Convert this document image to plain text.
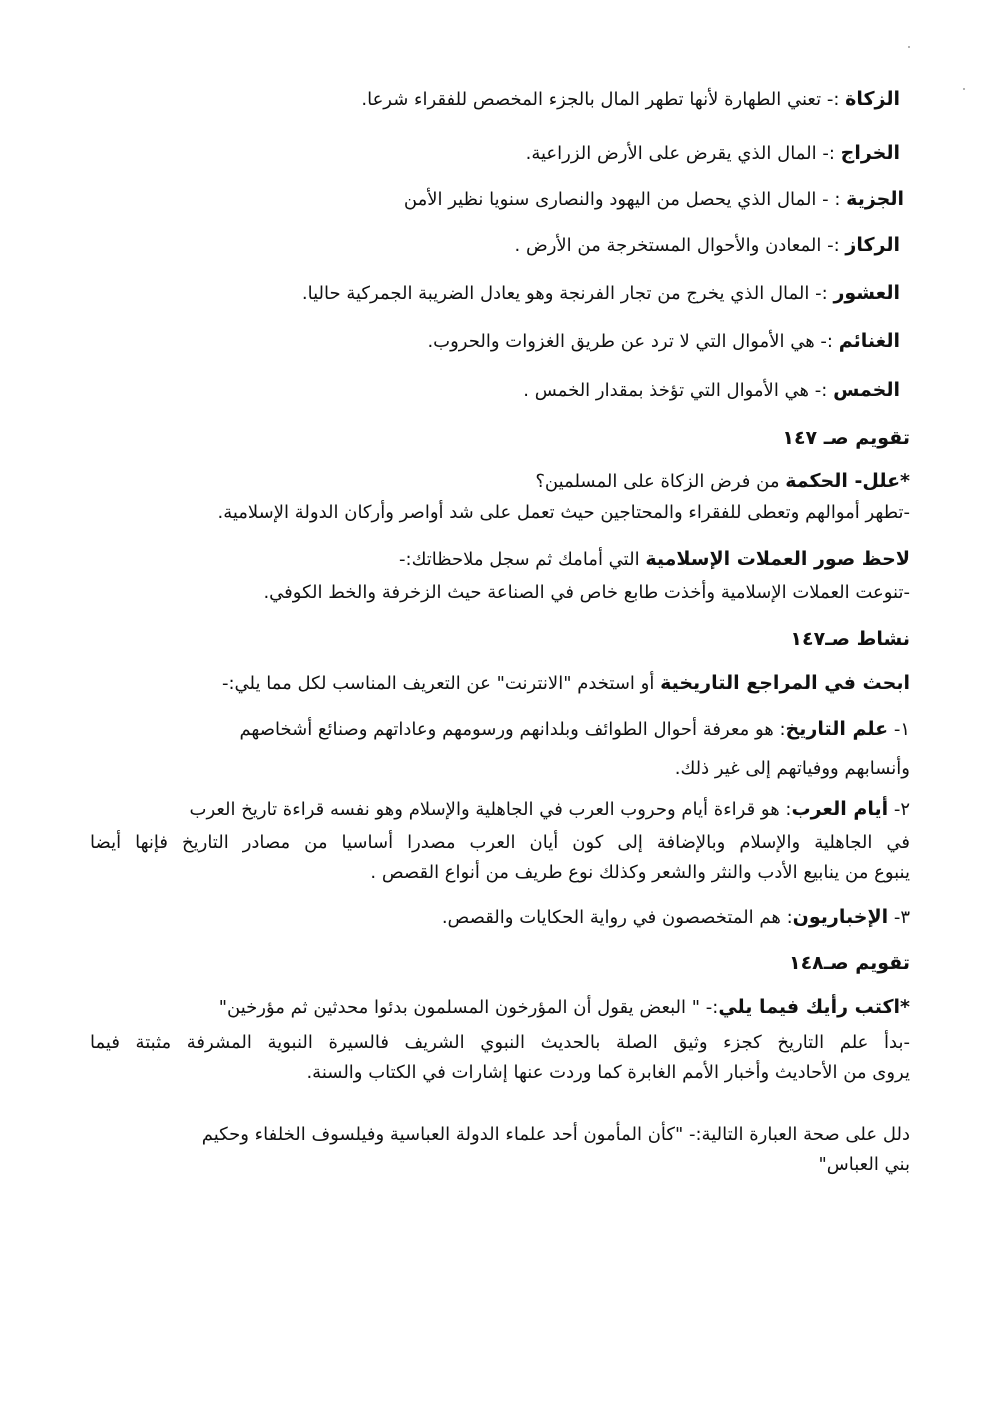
الزكاة :- تعني الطهارة لأنها تطهر المال بالجزء المخصص للفقراء شرعا.
الخراج :- المال الذي يقرض على الأرض الزراعية.
الجزية : - المال الذي يحصل من اليهود والنصارى سنويا نظير الأمن
الركاز :- المعادن والأحوال المستخرجة من الأرض .
العشور :- المال الذي يخرج من تجار الفرنجة وهو يعادل الضريبة الجمركية حاليا.
الغنائم :- هي الأموال التي لا ترد عن طريق الغزوات والحروب.
الخمس :- هي الأموال التي تؤخذ بمقدار الخمس .
تقويم صـ ١٤٧
*علل- الحكمة من فرض الزكاة على المسلمين؟
-تطهر أموالهم وتعطى للفقراء والمحتاجين حيث تعمل على شد أواصر وأركان الدولة الإسلامية.
لاحظ صور العملات الإسلامية التي أمامك ثم سجل ملاحظاتك:-
-تنوعت العملات الإسلامية وأخذت طابع خاص في الصناعة حيث الزخرفة والخط الكوفي.
نشاط صـ١٤٧
ابحث في المراجع التاريخية أو استخدم "الانترنت" عن التعريف المناسب لكل مما يلي:-
١- علم التاريخ: هو معرفة أحوال الطوائف وبلدانهم ورسومهم وعاداتهم وصنائع أشخاصهم
وأنسابهم ووفياتهم إلى غير ذلك.
٢- أيام العرب: هو قراءة أيام وحروب العرب في الجاهلية والإسلام وهو نفسه قراءة تاريخ العرب
في الجاهلية والإسلام وبالإضافة إلى كون أيان العرب مصدرا أساسيا من مصادر التاريخ فإنها أيضا
ينبوع من ينابيع الأدب والنثر والشعر وكذلك نوع طريف من أنواع القصص .
٣- الإخباريون: هم المتخصصون في رواية الحكايات والقصص.
تقويم صـ١٤٨
*اكتب رأيك فيما يلي:- " البعض يقول أن المؤرخون المسلمون بدئوا محدثين ثم مؤرخين"
-بدأ علم التاريخ كجزء وثيق الصلة بالحديث النبوي الشريف فالسيرة النبوية المشرفة مثبتة فيما
يروى من الأحاديث وأخبار الأمم الغابرة كما وردت عنها إشارات في الكتاب والسنة.
دلل على صحة العبارة التالية:- "كأن المأمون أحد علماء الدولة العباسية وفيلسوف الخلفاء وحكيم
بني العباس"
